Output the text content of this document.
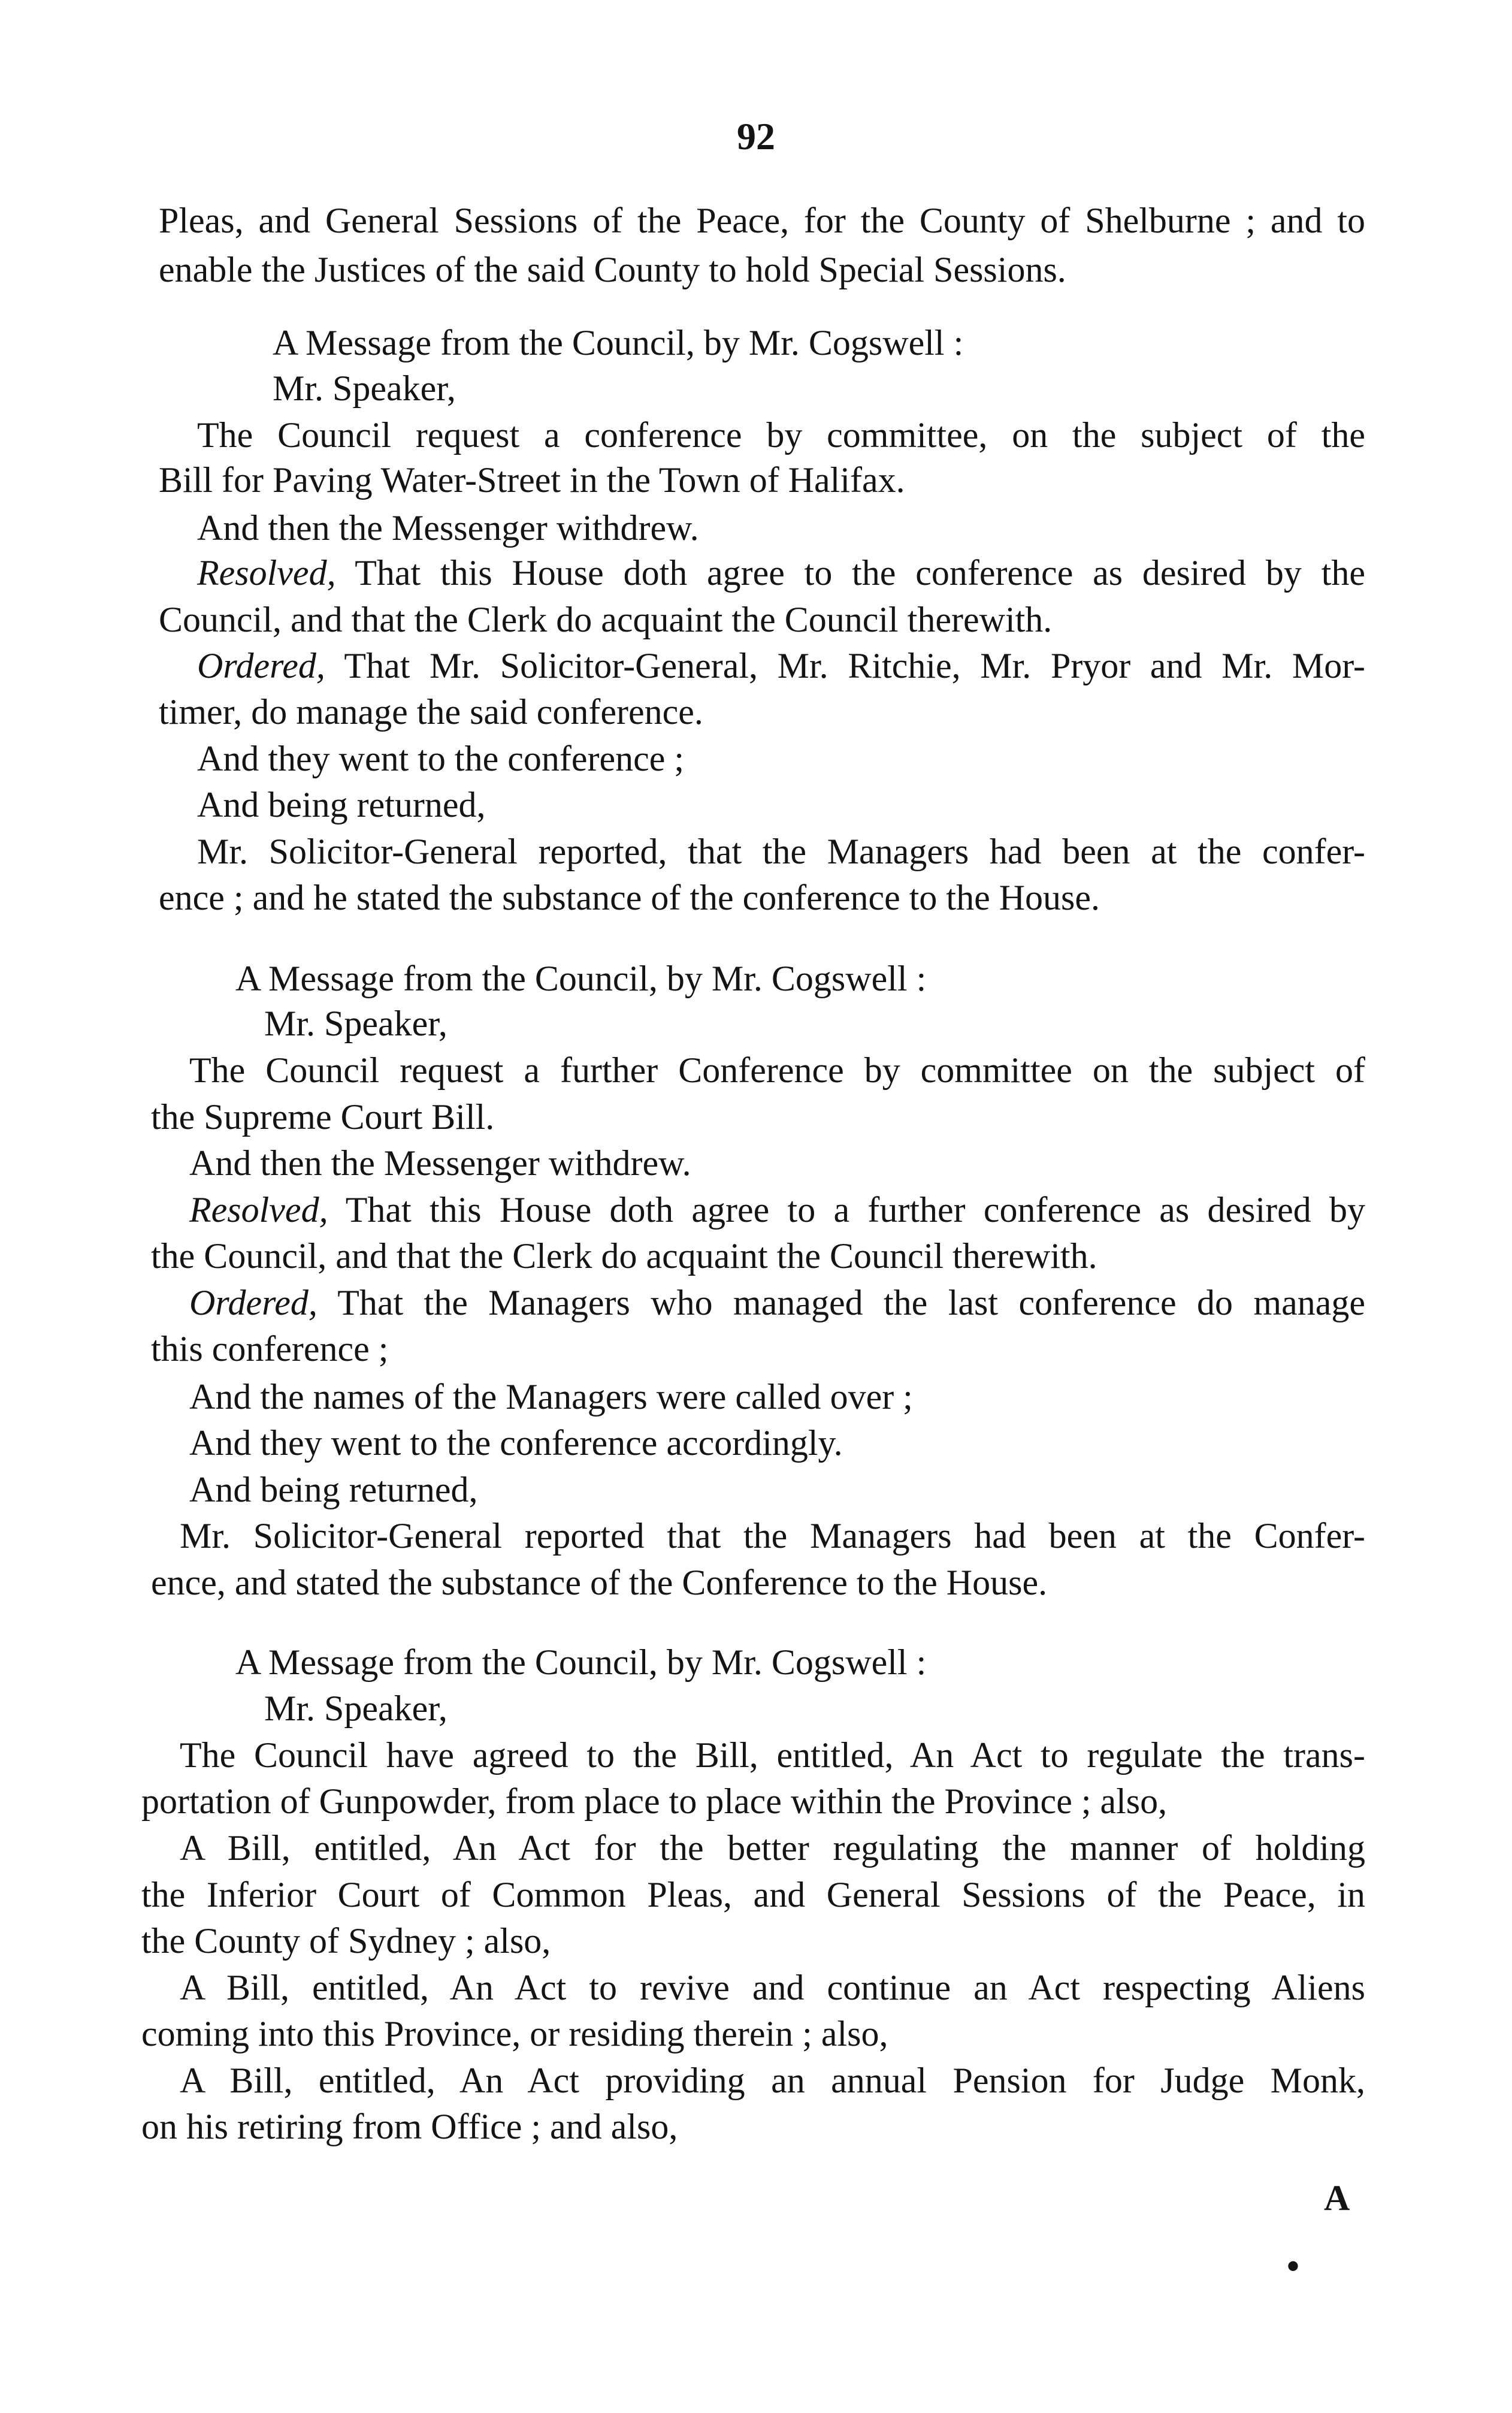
92
Pleas, and General Sessions of the Peace, for the County of Shelburne ; and to
enable the Justices of the said County to hold Special Sessions.
A Message from the Council, by Mr. Cogswell :
Mr. Speaker,
The Council request a conference by committee, on the subject of the
Bill for Paving Water-Street in the Town of Halifax.
And then the Messenger withdrew.
Resolved, That this House doth agree to the conference as desired by the
Council, and that the Clerk do acquaint the Council therewith.
Ordered, That Mr. Solicitor-General, Mr. Ritchie, Mr. Pryor and Mr. Mor-
timer, do manage the said conference.
And they went to the conference ;
And being returned,
Mr. Solicitor-General reported, that the Managers had been at the confer-
ence ; and he stated the substance of the conference to the House.
A Message from the Council, by Mr. Cogswell :
Mr. Speaker,
The Council request a further Conference by committee on the subject of
the Supreme Court Bill.
And then the Messenger withdrew.
Resolved, That this House doth agree to a further conference as desired by
the Council, and that the Clerk do acquaint the Council therewith.
Ordered, That the Managers who managed the last conference do manage
this conference ;
And the names of the Managers were called over ;
And they went to the conference accordingly.
And being returned,
Mr. Solicitor-General reported that the Managers had been at the Confer-
ence, and stated the substance of the Conference to the House.
A Message from the Council, by Mr. Cogswell :
Mr. Speaker,
The Council have agreed to the Bill, entitled, An Act to regulate the trans-
portation of Gunpowder, from place to place within the Province ; also,
A Bill, entitled, An Act for the better regulating the manner of holding
the Inferior Court of Common Pleas, and General Sessions of the Peace, in
the County of Sydney ; also,
A Bill, entitled, An Act to revive and continue an Act respecting Aliens
coming into this Province, or residing therein ; also,
A Bill, entitled, An Act providing an annual Pension for Judge Monk,
on his retiring from Office ; and also,
A
•
